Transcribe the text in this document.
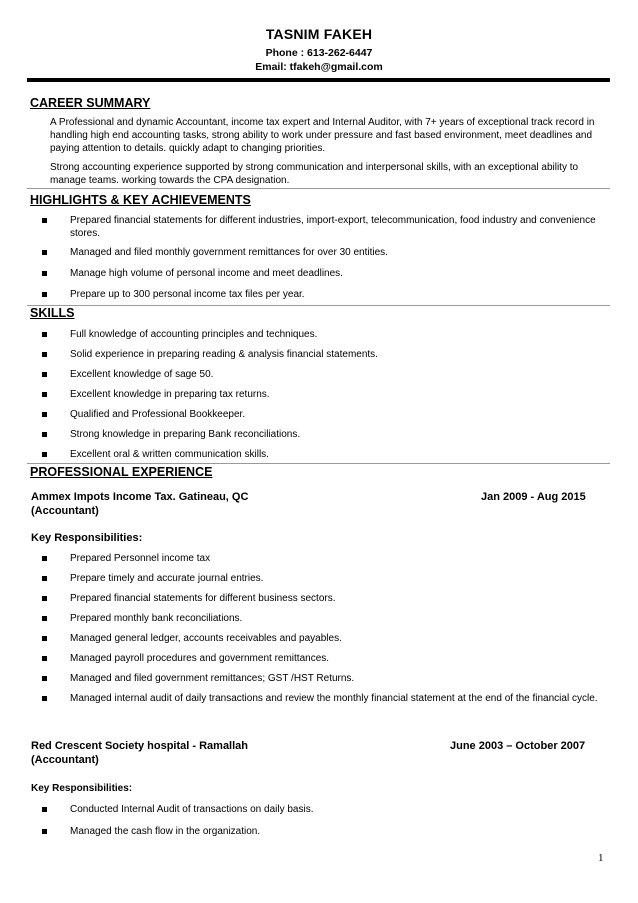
TASNIM FAKEH
Phone : 613-262-6447
Email: tfakeh@gmail.com
CAREER SUMMARY
A Professional and dynamic Accountant, income tax expert and Internal Auditor, with 7+ years of exceptional track record in handling high end accounting tasks, strong ability to work under pressure and fast based environment, meet deadlines and paying attention to details. quickly adapt to changing priorities.
Strong accounting experience supported by strong communication and interpersonal skills, with an exceptional ability to manage teams. working towards the CPA designation.
HIGHLIGHTS & KEY ACHIEVEMENTS
Prepared financial statements for different industries, import-export, telecommunication, food industry and convenience stores.
Managed and filed monthly government remittances for over 30 entities.
Manage high volume of personal income and meet deadlines.
Prepare up to 300 personal income tax files per year.
SKILLS
Full knowledge of accounting principles and techniques.
Solid experience in preparing reading & analysis financial statements.
Excellent knowledge of sage 50.
Excellent knowledge in preparing tax returns.
Qualified and Professional Bookkeeper.
Strong knowledge in preparing Bank reconciliations.
Excellent oral & written communication skills.
PROFESSIONAL EXPERIENCE
Ammex Impots Income Tax. Gatineau, QC
(Accountant)
Jan 2009 - Aug 2015
Key Responsibilities:
Prepared Personnel income tax
Prepare timely and accurate journal entries.
Prepared financial statements for different business sectors.
Prepared monthly bank reconciliations.
Managed general ledger, accounts receivables and payables.
Managed payroll procedures and government remittances.
Managed and filed government remittances; GST /HST Returns.
Managed internal audit of daily transactions and review the monthly financial statement at the end of the financial cycle.
Red Crescent Society hospital - Ramallah
(Accountant)
June 2003 – October 2007
Key Responsibilities:
Conducted Internal Audit of transactions on daily basis.
Managed the cash flow in the organization.
1
